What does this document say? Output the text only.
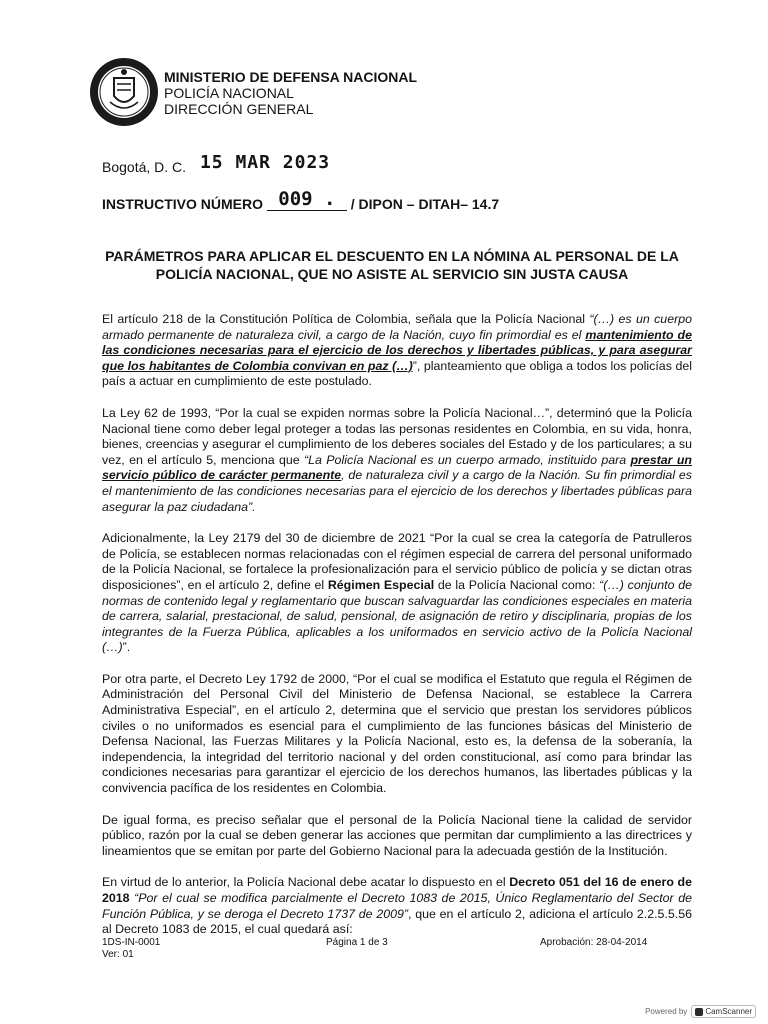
MINISTERIO DE DEFENSA NACIONAL
POLICÍA NACIONAL
DIRECCIÓN GENERAL
Bogotá, D. C. 15 MAR 2023
INSTRUCTIVO NÚMERO 009 . / DIPON – DITAH– 14.7
PARÁMETROS PARA APLICAR EL DESCUENTO EN LA NÓMINA AL PERSONAL DE LA
POLICÍA NACIONAL, QUE NO ASISTE AL SERVICIO SIN JUSTA CAUSA

El artículo 218 de la Constitución Política de Colombia, señala que la Policía Nacional “(…) es un cuerpo armado permanente de naturaleza civil, a cargo de la Nación, cuyo fin primordial es el mantenimiento de las condiciones necesarias para el ejercicio de los derechos y libertades públicas, y para asegurar que los habitantes de Colombia convivan en paz (…)”, planteamiento que obliga a todos los policías del país a actuar en cumplimiento de este postulado.

La Ley 62 de 1993, “Por la cual se expiden normas sobre la Policía Nacional…”, determinó que la Policía Nacional tiene como deber legal proteger a todas las personas residentes en Colombia, en su vida, honra, bienes, creencias y asegurar el cumplimiento de los deberes sociales del Estado y de los particulares; a su vez, en el artículo 5, menciona que “La Policía Nacional es un cuerpo armado, instituido para prestar un servicio público de carácter permanente, de naturaleza civil y a cargo de la Nación. Su fin primordial es el mantenimiento de las condiciones necesarias para el ejercicio de los derechos y libertades públicas para asegurar la paz ciudadana”.

Adicionalmente, la Ley 2179 del 30 de diciembre de 2021 “Por la cual se crea la categoría de Patrulleros de Policía, se establecen normas relacionadas con el régimen especial de carrera del personal uniformado de la Policía Nacional, se fortalece la profesionalización para el servicio público de policía y se dictan otras disposiciones”, en el artículo 2, define el Régimen Especial de la Policía Nacional como: “(…) conjunto de normas de contenido legal y reglamentario que buscan salvaguardar las condiciones especiales en materia de carrera, salarial, prestacional, de salud, pensional, de asignación de retiro y disciplinaria, propias de los integrantes de la Fuerza Pública, aplicables a los uniformados en servicio activo de la Policía Nacional (…)”.

Por otra parte, el Decreto Ley 1792 de 2000, “Por el cual se modifica el Estatuto que regula el Régimen de Administración del Personal Civil del Ministerio de Defensa Nacional, se establece la Carrera Administrativa Especial”, en el artículo 2, determina que el servicio que prestan los servidores públicos civiles o no uniformados es esencial para el cumplimiento de las funciones básicas del Ministerio de Defensa Nacional, las Fuerzas Militares y la Policía Nacional, esto es, la defensa de la soberanía, la independencia, la integridad del territorio nacional y del orden constitucional, así como para brindar las condiciones necesarias para garantizar el ejercicio de los derechos humanos, las libertades públicas y la convivencia pacífica de los residentes en Colombia.

De igual forma, es preciso señalar que el personal de la Policía Nacional tiene la calidad de servidor público, razón por la cual se deben generar las acciones que permitan dar cumplimiento a las directrices y lineamientos que se emitan por parte del Gobierno Nacional para la adecuada gestión de la Institución.

En virtud de lo anterior, la Policía Nacional debe acatar lo dispuesto en el Decreto 051 del 16 de enero de 2018 “Por el cual se modifica parcialmente el Decreto 1083 de 2015, Único Reglamentario del Sector de Función Pública, y se deroga el Decreto 1737 de 2009”, que en el artículo 2, adiciona el artículo 2.2.5.5.56 al Decreto 1083 de 2015, el cual quedará así:

1DS-IN-0001
Ver: 01
Página 1 de 3	Aprobación: 28-04-2014
Powered by CamScanner
